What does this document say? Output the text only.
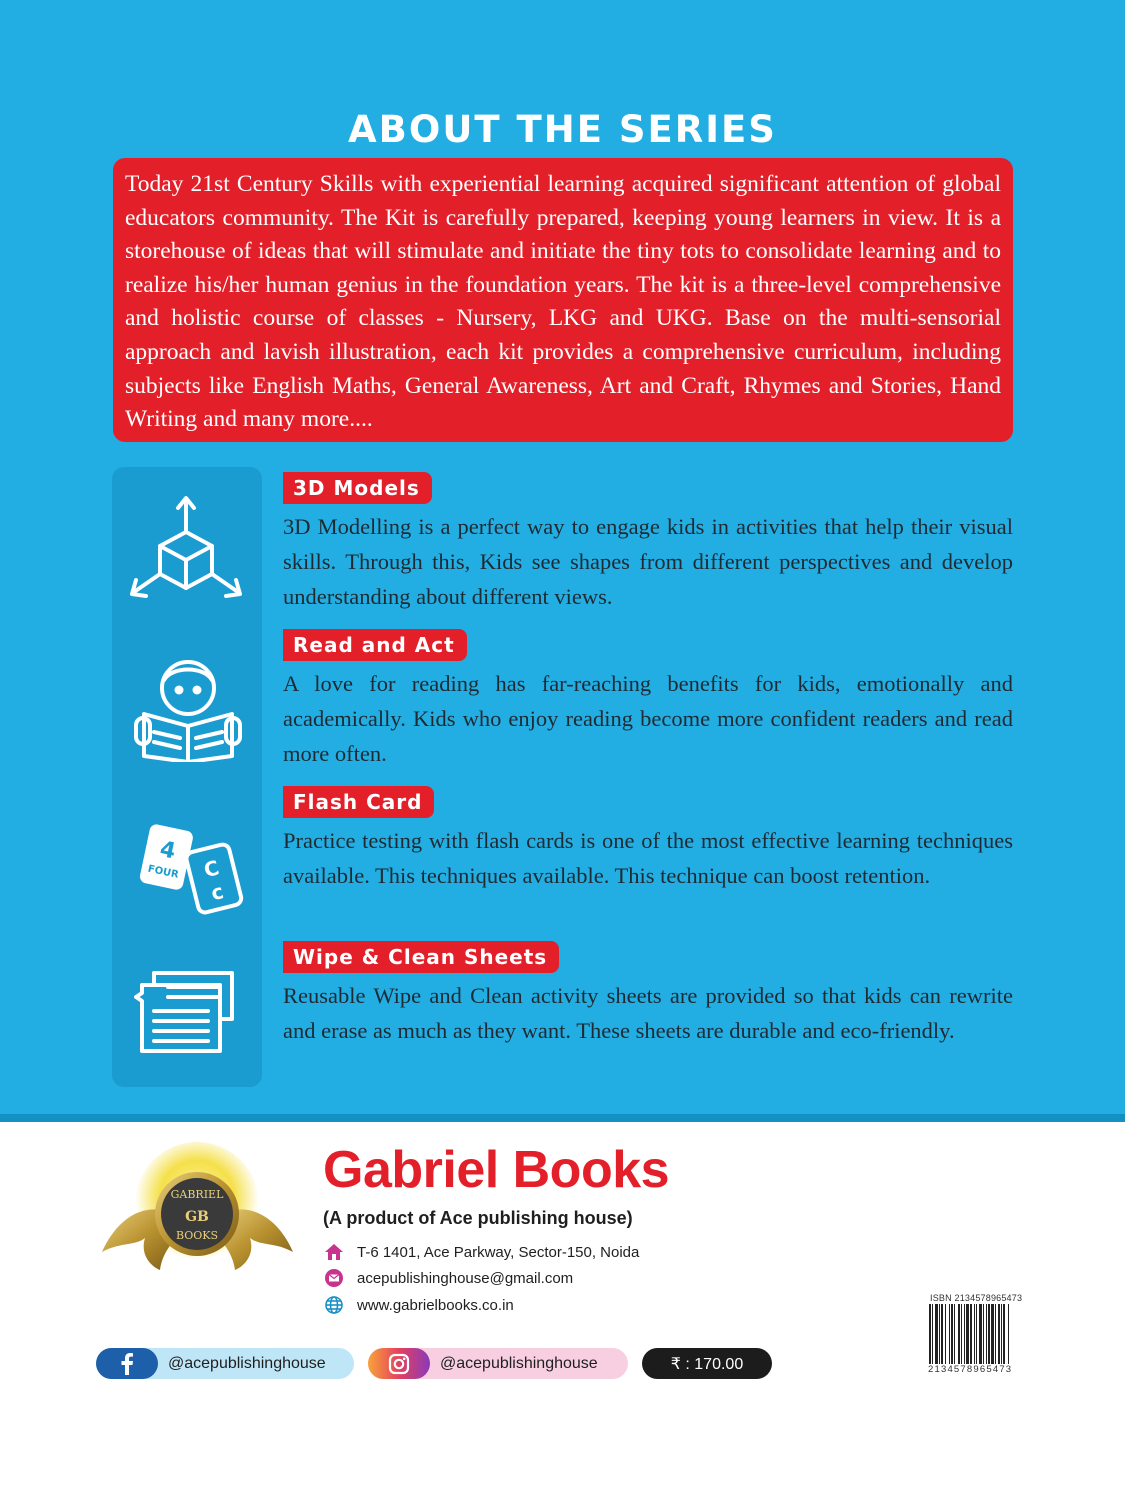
ABOUT THE SERIES

Today 21st Century Skills with experiential learning acquired significant attention of global educators community. The Kit is carefully prepared, keeping young learners in view. It is a storehouse of ideas that will stimulate and initiate the tiny tots to consolidate learning and to realize his/her human genius in the foundation years. The kit is a three-level comprehensive and holistic course of classes - Nursery, LKG and UKG. Base on the multi-sensorial approach and lavish illustration, each kit provides a comprehensive curriculum, including subjects like English Maths, General Awareness, Art and Craft, Rhymes and Stories, Hand Writing and many more....

4
FOUR C
c
3D Models

3D Modelling is a perfect way to engage kids in activities that help their visual skills. Through this, Kids see shapes from different perspectives and develop understanding about different views.

Read and Act

A love for reading has far-reaching benefits for kids, emotionally and academically. Kids who enjoy reading become more confident readers and read more often.

Flash Card

Practice testing with flash cards is one of the most effective learning techniques available. This techniques available. This technique can boost retention.

Wipe & Clean Sheets

Reusable Wipe and Clean activity sheets are provided so that kids can rewrite and erase as much as they want. These sheets are durable and eco-friendly.

GABRIEL
GB
BOOKS
Gabriel Books
(A product of Ace publishing house)
T-6 1401, Ace Parkway, Sector-150, Noida
acepublishinghouse@gmail.com
www.gabrielbooks.co.in
@acepublishinghouse	@acepublishinghouse	₹ : 170.00
ISBN 2134578965473
2134578965473
